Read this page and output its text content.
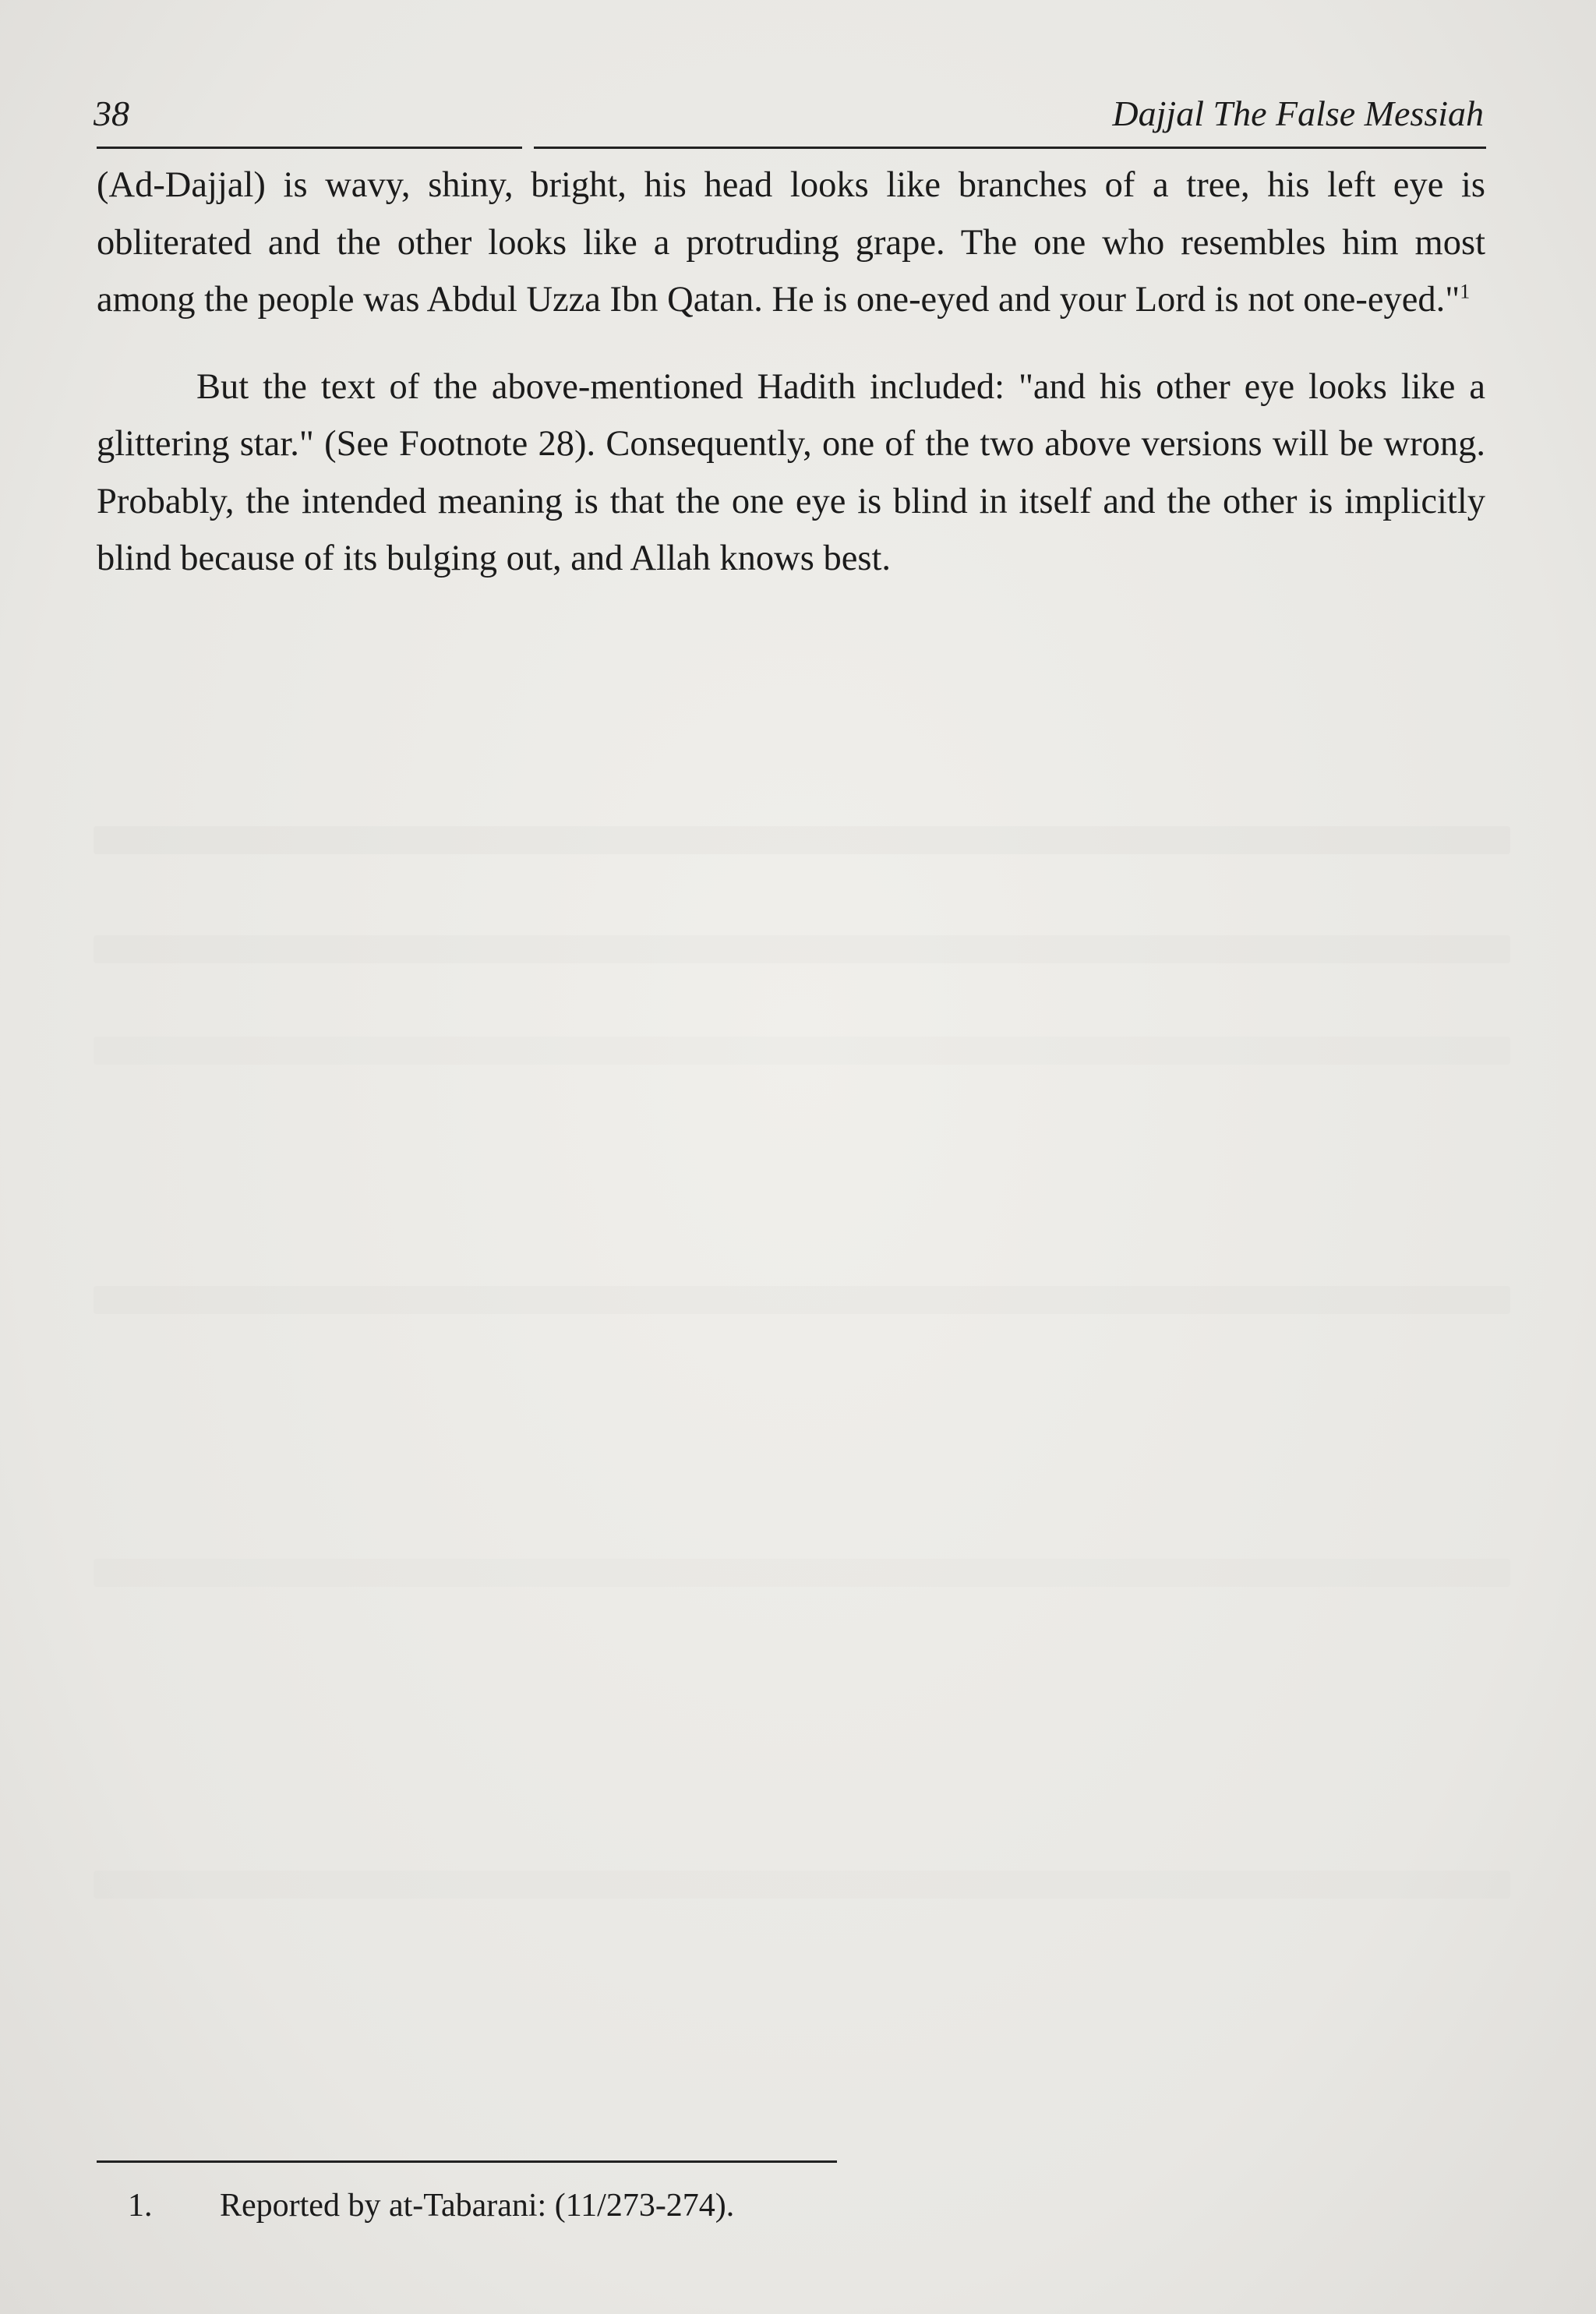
38	Dajjal The False Messiah

(Ad-Dajjal) is wavy, shiny, bright, his head looks like branches of a tree, his left eye is obliterated and the other looks like a protruding grape. The one who resembles him most among the people was Abdul Uzza Ibn Qatan. He is one-eyed and your Lord is not one-eyed."$^1$

But the text of the above-mentioned Hadith included: "and his other eye looks like a glittering star." (See Footnote 28). Consequently, one of the two above versions will be wrong. Probably, the intended meaning is that the one eye is blind in itself and the other is implicitly blind because of its bulging out, and Allah knows best.

1. Reported by at-Tabarani: (11/273-274).
